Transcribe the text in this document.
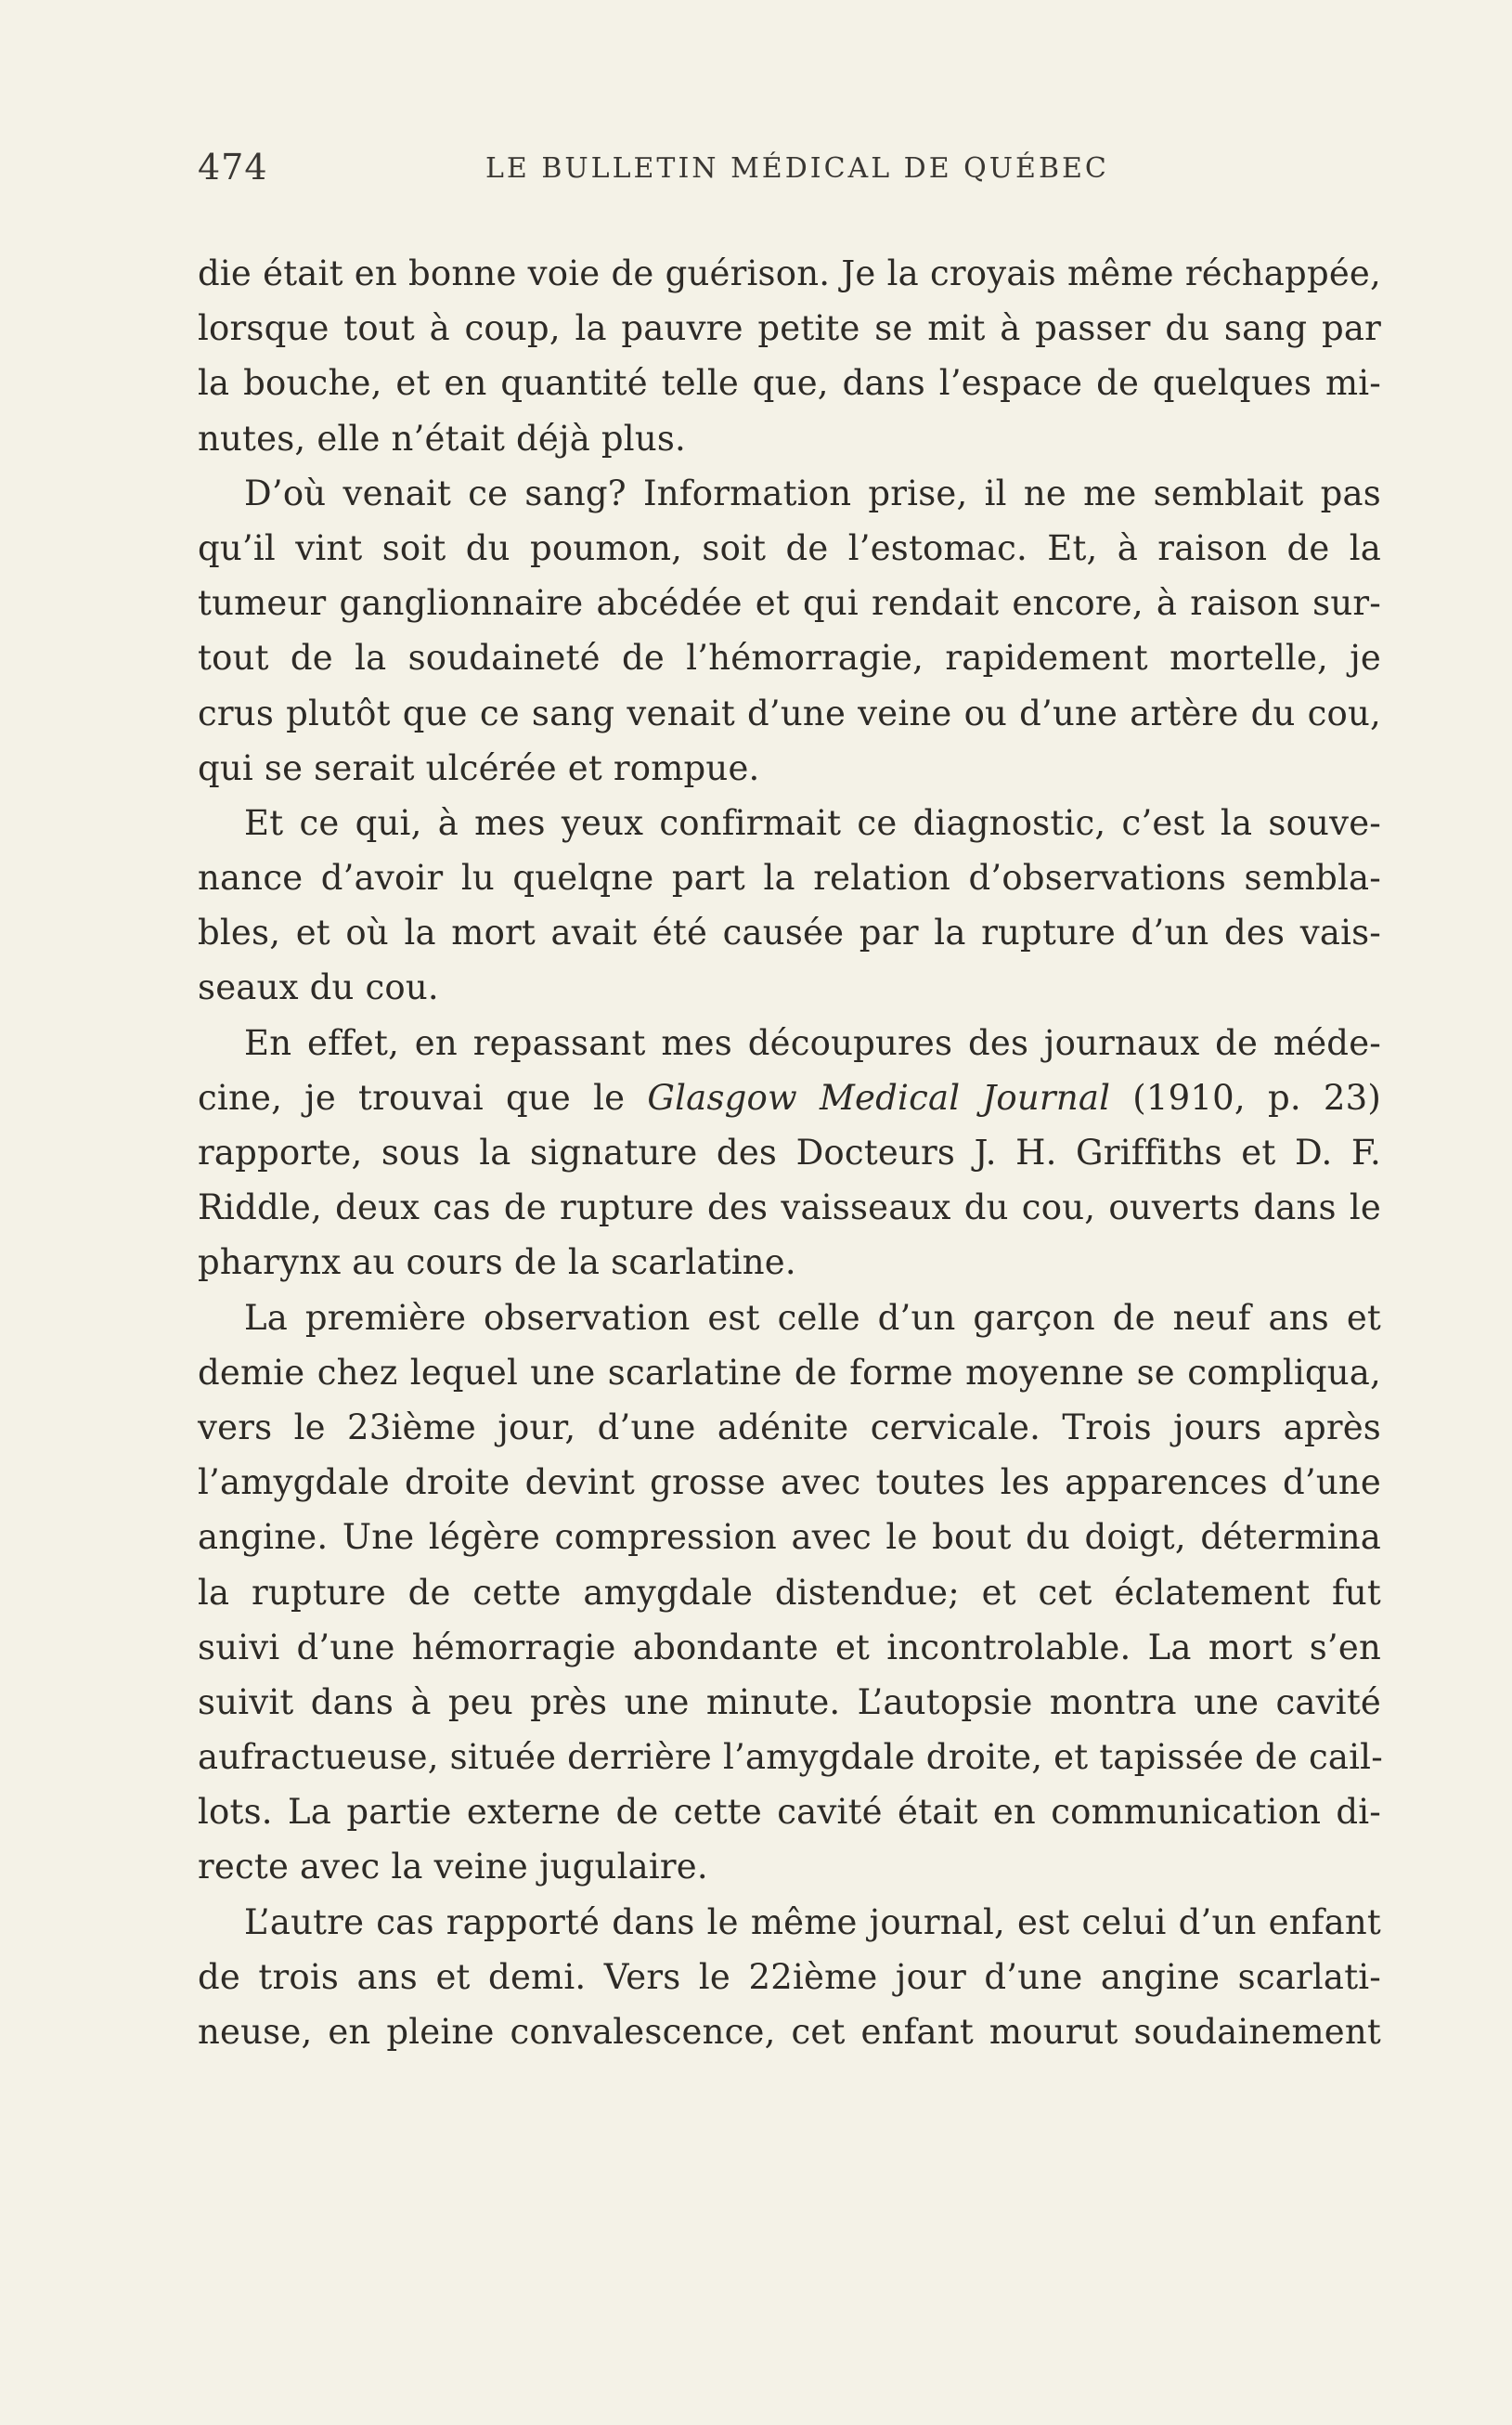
474	LE BULLETIN MÉDICAL DE QUÉBEC
die était en bonne voie de guérison. Je la croyais même réchappée,
lorsque tout à coup, la pauvre petite se mit à passer du sang par
la bouche, et en quantité telle que, dans l’espace de quelques mi-
nutes, elle n’était déjà plus.
D’où venait ce sang? Information prise, il ne me semblait pas
qu’il vint soit du poumon, soit de l’estomac. Et, à raison de la
tumeur ganglionnaire abcédée et qui rendait encore, à raison sur-
tout de la soudaineté de l’hémorragie, rapidement mortelle, je
crus plutôt que ce sang venait d’une veine ou d’une artère du cou,
qui se serait ulcérée et rompue.
Et ce qui, à mes yeux confirmait ce diagnostic, c’est la souve-
nance d’avoir lu quelqne part la relation d’observations sembla-
bles, et où la mort avait été causée par la rupture d’un des vais-
seaux du cou.
En effet, en repassant mes découpures des journaux de méde-
cine, je trouvai que le Glasgow Medical Journal (1910, p. 23)
rapporte, sous la signature des Docteurs J. H. Griffiths et D. F.
Riddle, deux cas de rupture des vaisseaux du cou, ouverts dans le
pharynx au cours de la scarlatine.
La première observation est celle d’un garçon de neuf ans et
demie chez lequel une scarlatine de forme moyenne se compliqua,
vers le 23ième jour, d’une adénite cervicale. Trois jours après
l’amygdale droite devint grosse avec toutes les apparences d’une
angine. Une légère compression avec le bout du doigt, détermina
la rupture de cette amygdale distendue; et cet éclatement fut
suivi d’une hémorragie abondante et incontrolable. La mort s’en
suivit dans à peu près une minute. L’autopsie montra une cavité
aufractueuse, située derrière l’amygdale droite, et tapissée de cail-
lots. La partie externe de cette cavité était en communication di-
recte avec la veine jugulaire.
L’autre cas rapporté dans le même journal, est celui d’un enfant
de trois ans et demi. Vers le 22ième jour d’une angine scarlati-
neuse, en pleine convalescence, cet enfant mourut soudainement
